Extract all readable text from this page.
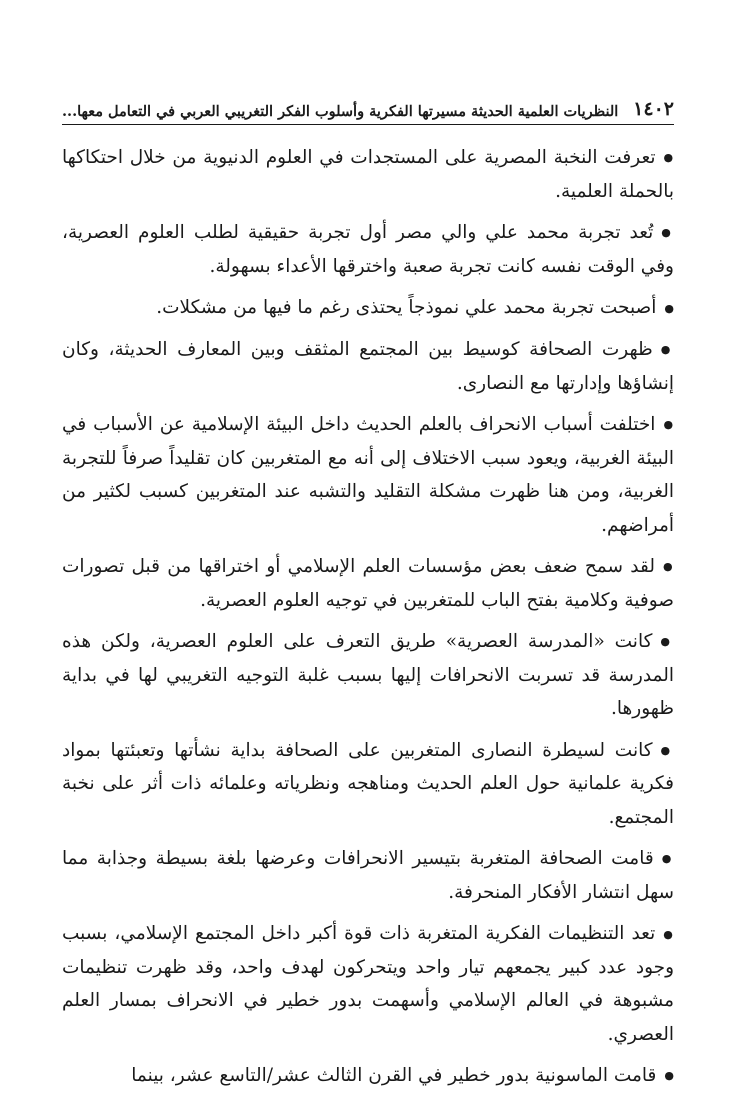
١٤٠٢
النظريات العلمية الحديثة مسيرتها الفكرية وأسلوب الفكر التغريبي العربي في التعامل معها...

●تعرفت النخبة المصرية على المستجدات في العلوم الدنيوية من خلال احتكاكها بالحملة العلمية.

●تُعد تجربة محمد علي والي مصر أول تجربة حقيقية لطلب العلوم العصرية، وفي الوقت نفسه كانت تجربة صعبة واخترقها الأعداء بسهولة.

●أصبحت تجربة محمد علي نموذجاً يحتذى رغم ما فيها من مشكلات.

●ظهرت الصحافة كوسيط بين المجتمع المثقف وبين المعارف الحديثة، وكان إنشاؤها وإدارتها مع النصارى.

●اختلفت أسباب الانحراف بالعلم الحديث داخل البيئة الإسلامية عن الأسباب في البيئة الغربية، ويعود سبب الاختلاف إلى أنه مع المتغربين كان تقليداً صرفاً للتجربة الغربية، ومن هنا ظهرت مشكلة التقليد والتشبه عند المتغربين كسبب لكثير من أمراضهم.

●لقد سمح ضعف بعض مؤسسات العلم الإسلامي أو اختراقها من قبل تصورات صوفية وكلامية بفتح الباب للمتغربين في توجيه العلوم العصرية.

●كانت «المدرسة العصرية» طريق التعرف على العلوم العصرية، ولكن هذه المدرسة قد تسربت الانحرافات إليها بسبب غلبة التوجيه التغريبي لها في بداية ظهورها.

●كانت لسيطرة النصارى المتغربين على الصحافة بداية نشأتها وتعبئتها بمواد فكرية علمانية حول العلم الحديث ومناهجه ونظرياته وعلمائه ذات أثر على نخبة المجتمع.

●قامت الصحافة المتغربة بتيسير الانحرافات وعرضها بلغة بسيطة وجذابة مما سهل انتشار الأفكار المنحرفة.

●تعد التنظيمات الفكرية المتغربة ذات قوة أكبر داخل المجتمع الإسلامي، بسبب وجود عدد كبير يجمعهم تيار واحد ويتحركون لهدف واحد، وقد ظهرت تنظيمات مشبوهة في العالم الإسلامي وأسهمت بدور خطير في الانحراف بمسار العلم العصري.

●قامت الماسونية بدور خطير في القرن الثالث عشر/التاسع عشر، بينما
